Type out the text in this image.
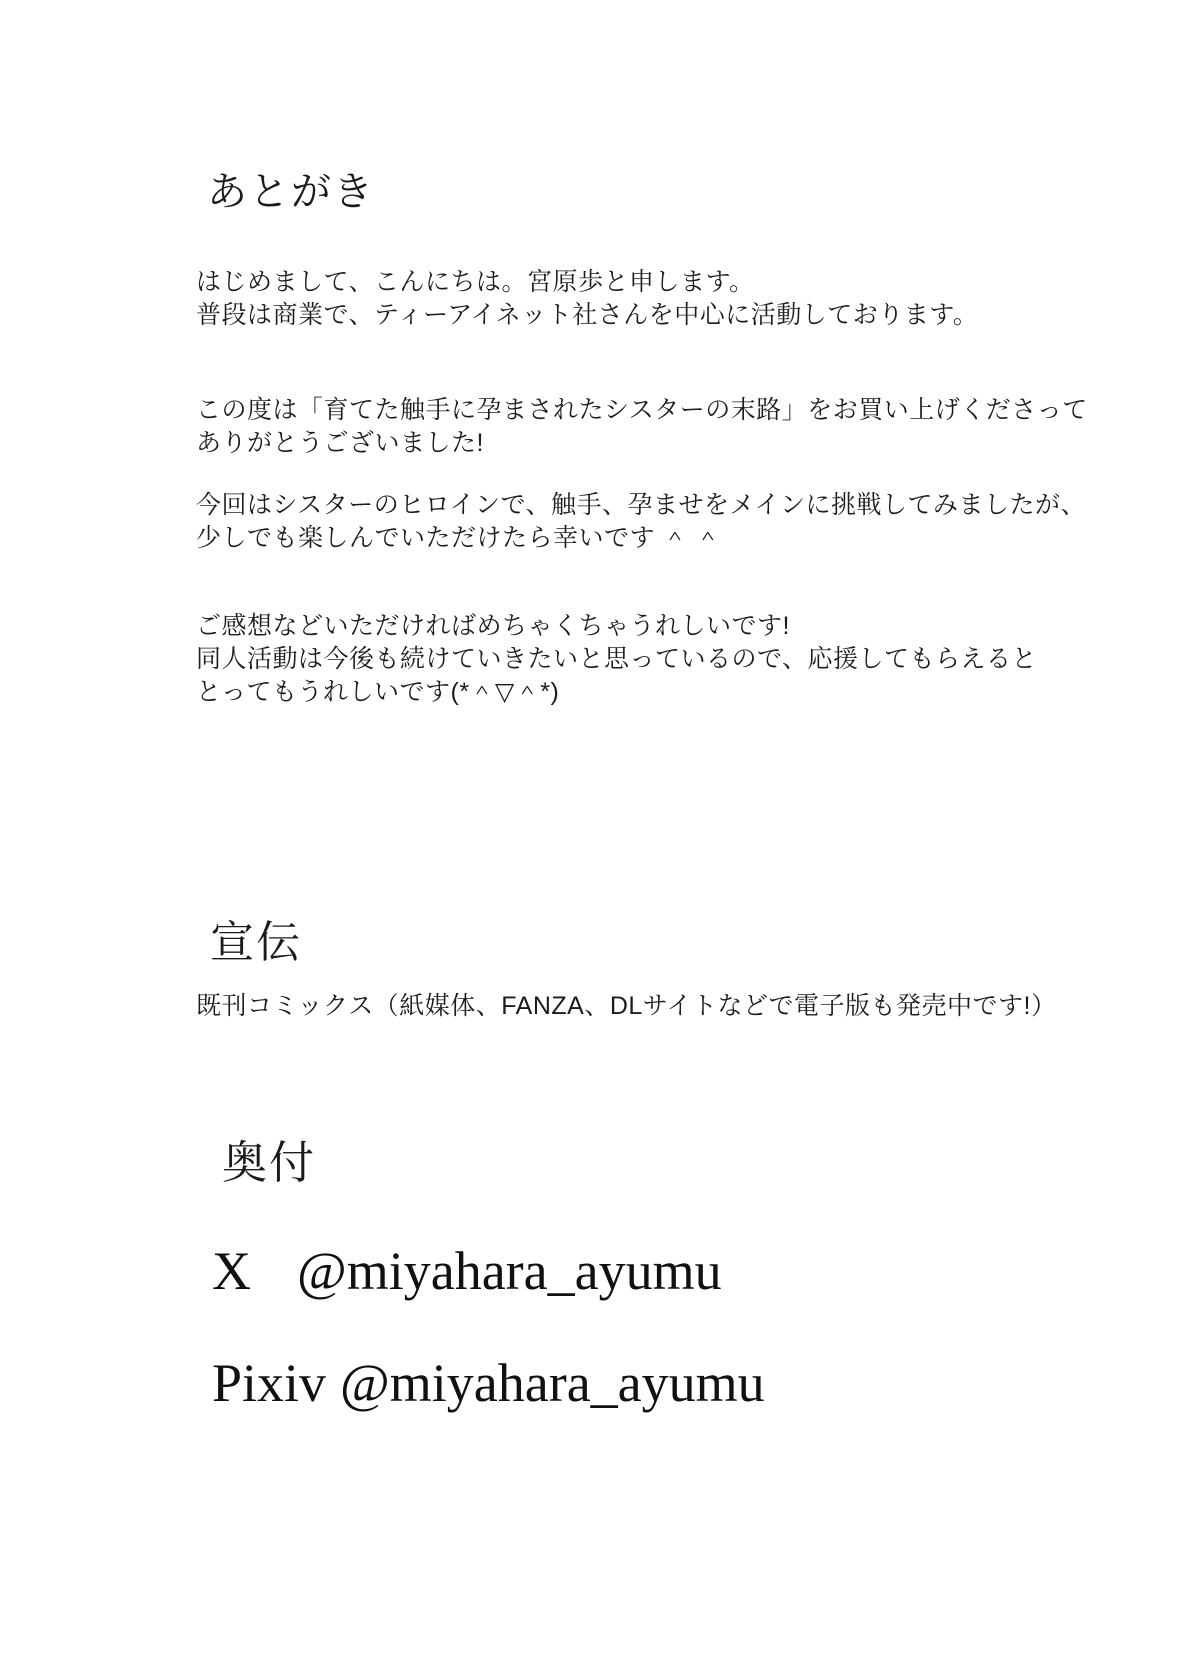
あとがき
はじめまして、こんにちは。宮原歩と申します。
普段は商業で、ティーアイネット社さんを中心に活動しております。
この度は「育てた触手に孕まされたシスターの末路」をお買い上げくださって
ありがとうございました!
今回はシスターのヒロインで、触手、孕ませをメインに挑戦してみましたが、
少しでも楽しんでいただけたら幸いです ＾ ＾
ご感想などいただければめちゃくちゃうれしいです!
同人活動は今後も続けていきたいと思っているので、応援してもらえると
とってもうれしいです(*＾▽＾*)
宣伝
既刊コミックス（紙媒体、FANZA、DLサイトなどで電子版も発売中です!）
奥付
X @miyahara_ayumu
Pixiv @miyahara_ayumu
